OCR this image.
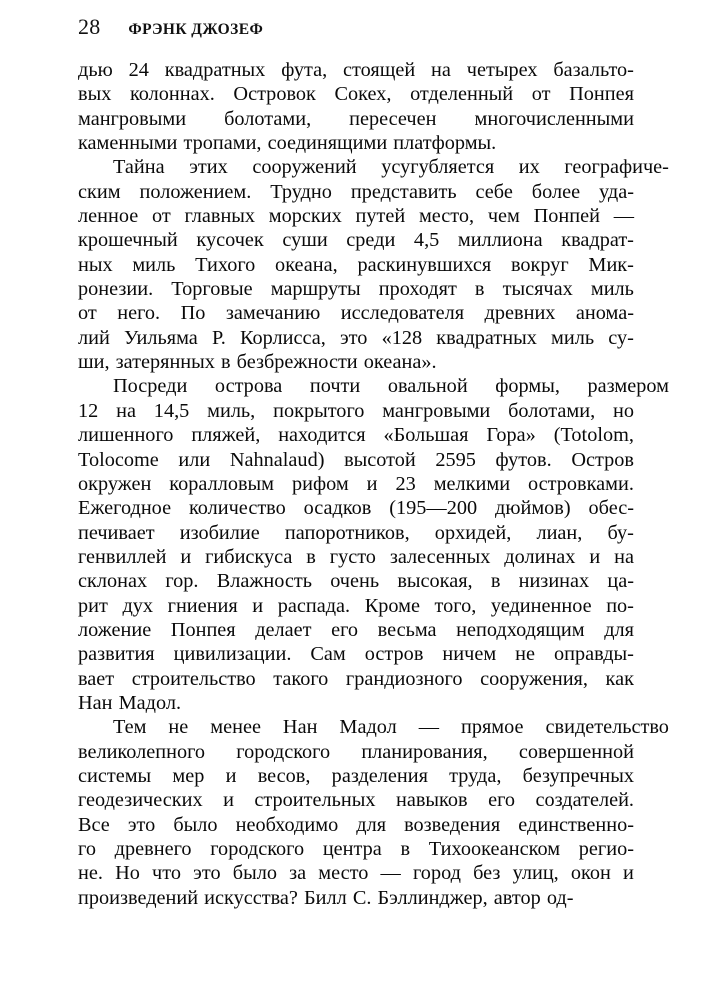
28 ФРЭНК ДЖОЗЕФ

дью 24 квадратных фута, стоящей на четырех базальто-
вых колоннах. Островок Сокех, отделенный от Понпея
мангровыми болотами, пересечен многочисленными
каменными тропами, соединящими платформы.

Тайна этих сооружений усугубляется их географиче-
ским положением. Трудно представить себе более уда-
ленное от главных морских путей место, чем Понпей —
крошечный кусочек суши среди 4,5 миллиона квадрат-
ных миль Тихого океана, раскинувшихся вокруг Мик-
ронезии. Торговые маршруты проходят в тысячах миль
от него. По замечанию исследователя древних анома-
лий Уильяма Р. Корлисса, это «128 квадратных миль су-
ши, затерянных в безбрежности океана».

Посреди острова почти овальной формы, размером
12 на 14,5 миль, покрытого мангровыми болотами, но
лишенного пляжей, находится «Большая Гора» (Totolom,
Tolocome или Nahnalaud) высотой 2595 футов. Остров
окружен коралловым рифом и 23 мелкими островками.
Ежегодное количество осадков (195—200 дюймов) обес-
печивает изобилие папоротников, орхидей, лиан, бу-
генвиллей и гибискуса в густо залесенных долинах и на
склонах гор. Влажность очень высокая, в низинах ца-
рит дух гниения и распада. Кроме того, уединенное по-
ложение Понпея делает его весьма неподходящим для
развития цивилизации. Сам остров ничем не оправды-
вает строительство такого грандиозного сооружения, как
Нан Мадол.

Тем не менее Нан Мадол — прямое свидетельство
великолепного городского планирования, совершенной
системы мер и весов, разделения труда, безупречных
геодезических и строительных навыков его создателей.
Все это было необходимо для возведения единственно-
го древнего городского центра в Тихоокеанском регио-
не. Но что это было за место — город без улиц, окон и
произведений искусства? Билл С. Бэллинджер, автор од-
